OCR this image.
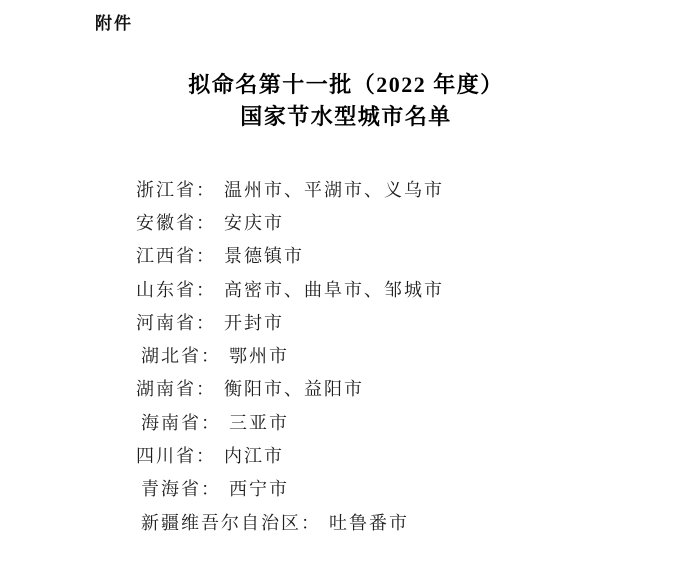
附件
拟命名第十一批（2022 年度）
国家节水型城市名单
浙江省 ： 温州市、平湖市、义乌市
安徽省 ： 安庆市
江西省 ： 景德镇市
山东省 ： 高密市、曲阜市、邹城市
河南省 ： 开封市
湖北省 ： 鄂州市
湖南省 ： 衡阳市、益阳市
海南省 ： 三亚市
四川省 ： 内江市
青海省 ： 西宁市
新疆维吾尔自治区 ： 吐鲁番市
